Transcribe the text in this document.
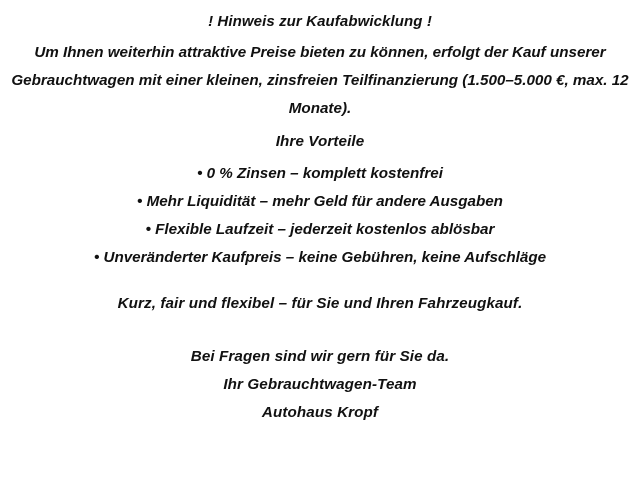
! Hinweis zur Kaufabwicklung !
Um Ihnen weiterhin attraktive Preise bieten zu können, erfolgt der Kauf unserer
Gebrauchtwagen mit einer kleinen, zinsfreien Teilfinanzierung (1.500–5.000 €, max. 12
Monate).
Ihre Vorteile
• 0 % Zinsen – komplett kostenfrei
• Mehr Liquidität – mehr Geld für andere Ausgaben
• Flexible Laufzeit – jederzeit kostenlos ablösbar
• Unveränderter Kaufpreis – keine Gebühren, keine Aufschläge
Kurz, fair und flexibel – für Sie und Ihren Fahrzeugkauf.
Bei Fragen sind wir gern für Sie da.
Ihr Gebrauchtwagen-Team
Autohaus Kropf
